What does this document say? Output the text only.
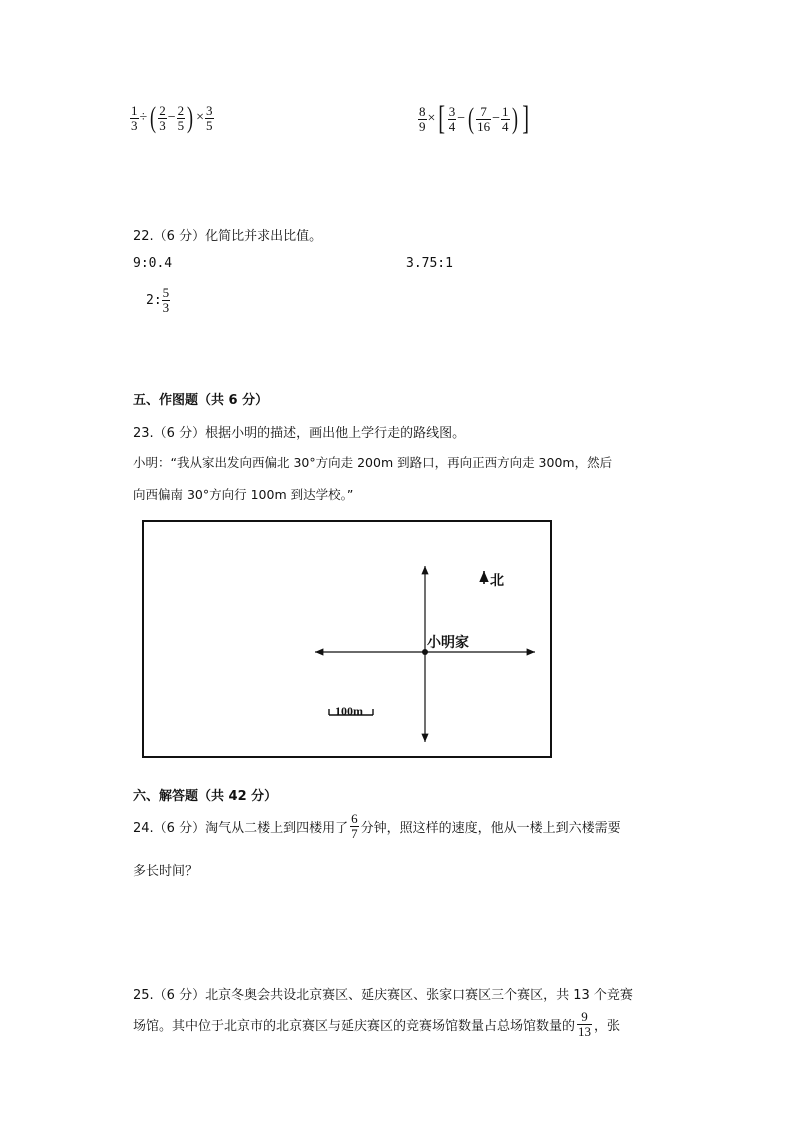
$\frac{1}{3}$ ÷ ( $\frac{2}{3} - \frac{2}{5}$ ) × $\frac{3}{5}$	$\frac{8}{9}$ ×[ $\frac{3}{4}$ − ( $\frac{7}{16} - \frac{1}{4}$ ) ]
22.（6 分）化简比并求出比值。
9:0.4	3.75:1
2: $\frac{5}{3}$
五、作图题（共 6 分）
23.（6 分）根据小明的描述，画出他上学行走的路线图。
小明：“我从家出发向西偏北 30°方向走 200m 到路口，再向正西方向走 300m，然后
向西偏南 30°方向行 100m 到达学校。”
北
小明家
100m
六、解答题（共 42 分）
24.（6 分）淘气从二楼上到四楼用了 $\frac{6}{7}$ 分钟，照这样的速度，他从一楼上到六楼需要
多长时间？
25.（6 分）北京冬奥会共设北京赛区、延庆赛区、张家口赛区三个赛区，共 13 个竞赛
场馆。其中位于北京市的北京赛区与延庆赛区的竞赛场馆数量占总场馆数量的 $\frac{9}{13}$ ，张
